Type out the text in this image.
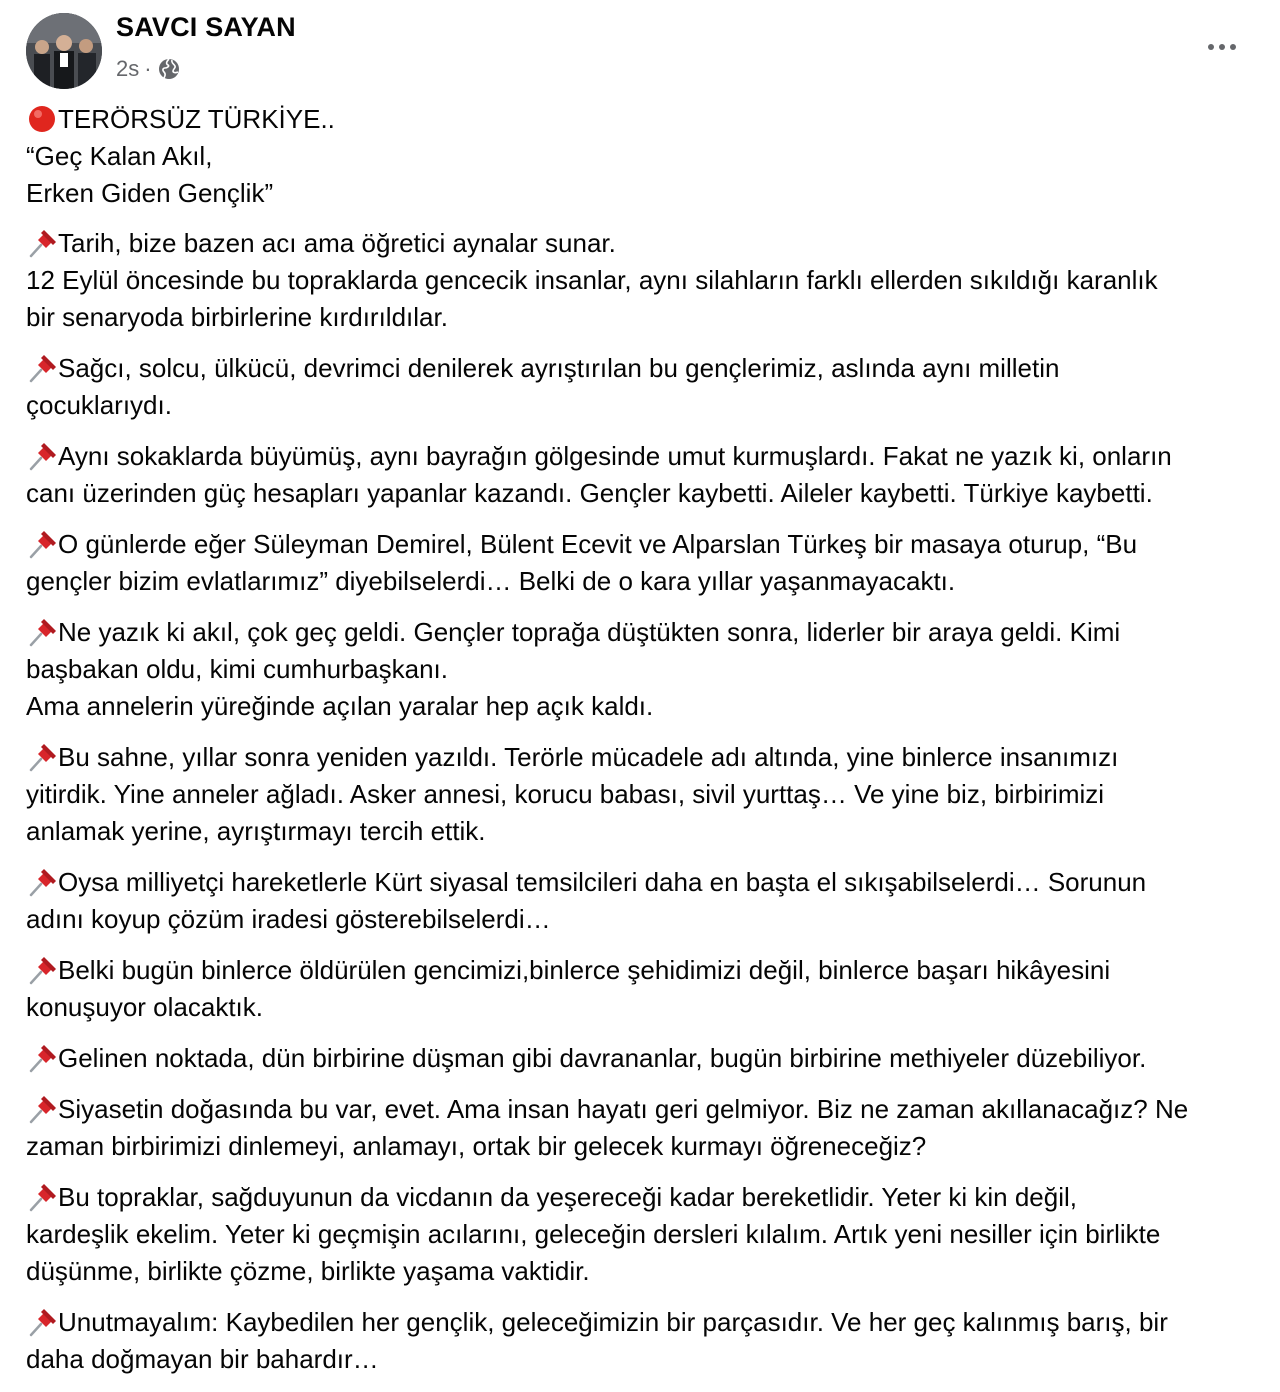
SAVCI SAYAN
2s ·
TERÖRSÜZ TÜRKİYE..
“Geç Kalan Akıl,
Erken Giden Gençlik”
Tarih, bize bazen acı ama öğretici aynalar sunar.
12 Eylül öncesinde bu topraklarda gencecik insanlar, aynı silahların farklı ellerden sıkıldığı karanlık
bir senaryoda birbirlerine kırdırıldılar.
Sağcı, solcu, ülkücü, devrimci denilerek ayrıştırılan bu gençlerimiz, aslında aynı milletin
çocuklarıydı.
Aynı sokaklarda büyümüş, aynı bayrağın gölgesinde umut kurmuşlardı. Fakat ne yazık ki, onların
canı üzerinden güç hesapları yapanlar kazandı. Gençler kaybetti. Aileler kaybetti. Türkiye kaybetti.
O günlerde eğer Süleyman Demirel, Bülent Ecevit ve Alparslan Türkeş bir masaya oturup, “Bu
gençler bizim evlatlarımız” diyebilselerdi… Belki de o kara yıllar yaşanmayacaktı.
Ne yazık ki akıl, çok geç geldi. Gençler toprağa düştükten sonra, liderler bir araya geldi. Kimi
başbakan oldu, kimi cumhurbaşkanı.
Ama annelerin yüreğinde açılan yaralar hep açık kaldı.
Bu sahne, yıllar sonra yeniden yazıldı. Terörle mücadele adı altında, yine binlerce insanımızı
yitirdik. Yine anneler ağladı. Asker annesi, korucu babası, sivil yurttaş… Ve yine biz, birbirimizi
anlamak yerine, ayrıştırmayı tercih ettik.
Oysa milliyetçi hareketlerle Kürt siyasal temsilcileri daha en başta el sıkışabilselerdi… Sorunun
adını koyup çözüm iradesi gösterebilselerdi…
Belki bugün binlerce öldürülen gencimizi,binlerce şehidimizi değil, binlerce başarı hikâyesini
konuşuyor olacaktık.
Gelinen noktada, dün birbirine düşman gibi davrananlar, bugün birbirine methiyeler düzebiliyor.
Siyasetin doğasında bu var, evet. Ama insan hayatı geri gelmiyor. Biz ne zaman akıllanacağız? Ne
zaman birbirimizi dinlemeyi, anlamayı, ortak bir gelecek kurmayı öğreneceğiz?
Bu topraklar, sağduyunun da vicdanın da yeşereceği kadar bereketlidir. Yeter ki kin değil,
kardeşlik ekelim. Yeter ki geçmişin acılarını, geleceğin dersleri kılalım. Artık yeni nesiller için birlikte
düşünme, birlikte çözme, birlikte yaşama vaktidir.
Unutmayalım: Kaybedilen her gençlik, geleceğimizin bir parçasıdır. Ve her geç kalınmış barış, bir
daha doğmayan bir bahardır…
